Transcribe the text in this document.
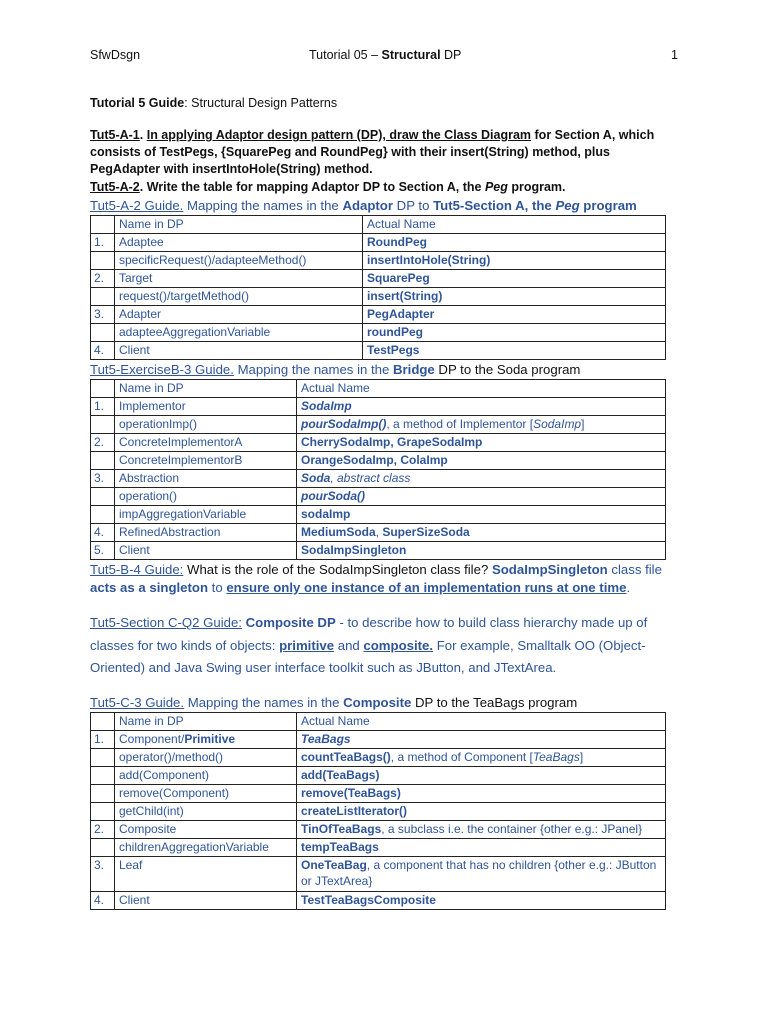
SfwDsgn	Tutorial 05 – Structural DP	1
Tutorial 5 Guide: Structural Design Patterns
Tut5-A-1. In applying Adaptor design pattern (DP), draw the Class Diagram for Section A, which consists of TestPegs, {SquarePeg and RoundPeg} with their insert(String) method, plus PegAdapter with insertIntoHole(String) method.
Tut5-A-2. Write the table for mapping Adaptor DP to Section A, the Peg program.
Tut5-A-2 Guide. Mapping the names in the Adaptor DP to Tut5-Section A, the Peg program
	Name in DP	Actual Name
1.	Adaptee	RoundPeg
	specificRequest()/adapteeMethod()	insertIntoHole(String)
2.	Target	SquarePeg
	request()/targetMethod()	insert(String)
3.	Adapter	PegAdapter
	adapteeAggregationVariable	roundPeg
4.	Client	TestPegs
Tut5-ExerciseB-3 Guide. Mapping the names in the Bridge DP to the Soda program
	Name in DP	Actual Name
1.	Implementor	SodaImp
	operationImp()	pourSodaImp(), a method of Implementor [SodaImp]
2.	ConcreteImplementorA	CherrySodaImp, GrapeSodaImp
	ConcreteImplementorB	OrangeSodaImp, ColaImp
3.	Abstraction	Soda, abstract class
	operation()	pourSoda()
	impAggregationVariable	sodaImp
4.	RefinedAbstraction	MediumSoda, SuperSizeSoda
5.	Client	SodaImpSingleton
Tut5-B-4 Guide: What is the role of the SodaImpSingleton class file? SodaImpSingleton class file acts as a singleton to ensure only one instance of an implementation runs at one time.
Tut5-Section C-Q2 Guide: Composite DP - to describe how to build class hierarchy made up of classes for two kinds of objects: primitive and composite. For example, Smalltalk OO (Object-Oriented) and Java Swing user interface toolkit such as JButton, and JTextArea.
Tut5-C-3 Guide. Mapping the names in the Composite DP to the TeaBags program
	Name in DP	Actual Name
1.	Component/Primitive	TeaBags
	operator()/method()	countTeaBags(), a method of Component [TeaBags]
	add(Component)	add(TeaBags)
	remove(Component)	remove(TeaBags)
	getChild(int)	createListIterator()
2.	Composite	TinOfTeaBags, a subclass i.e. the container {other e.g.: JPanel}
	childrenAggregationVariable	tempTeaBags
3.	Leaf	OneTeaBag, a component that has no children {other e.g.: JButton or JTextArea}
4.	Client	TestTeaBagsComposite
